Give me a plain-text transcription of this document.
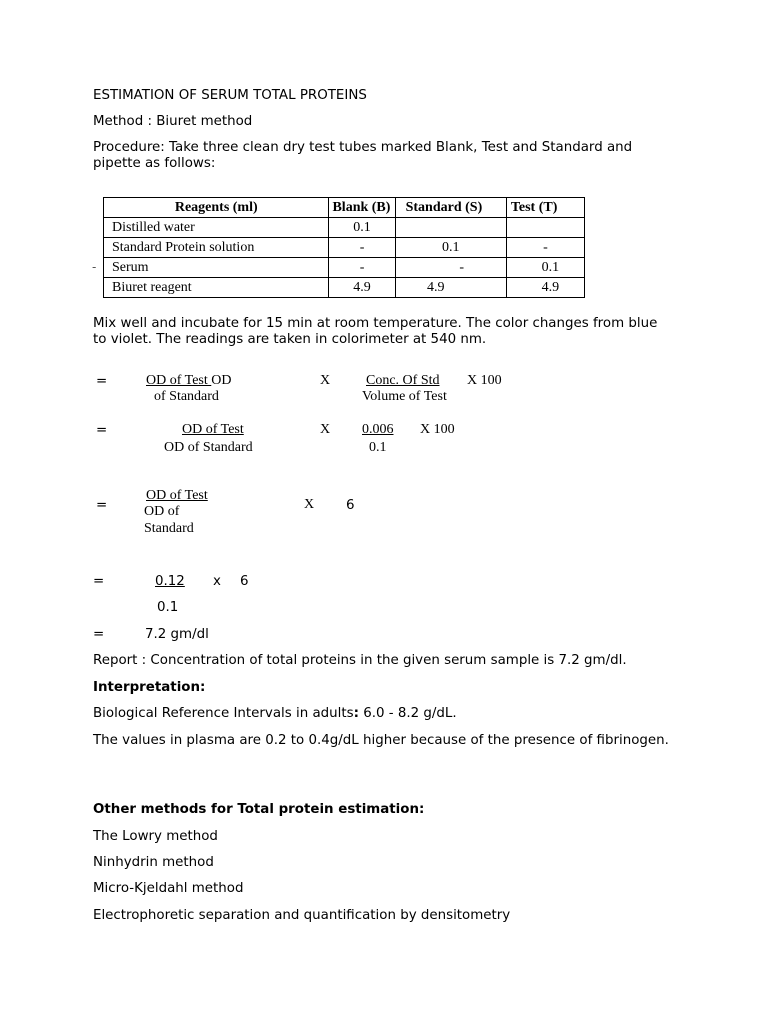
ESTIMATION OF SERUM TOTAL PROTEINS

Method : Biuret method

Procedure: Take three clean dry test tubes marked Blank, Test and Standard and pipette as follows:

-
Reagents (ml)	Blank (B)	Standard (S)	Test (T)
Distilled water	0.1		
Standard Protein solution	-	0.1	-
Serum	-	-	0.1
Biuret reagent	4.9	4.9	4.9

Mix well and incubate for 15 min at room temperature. The color changes from blue to violet. The readings are taken in colorimeter at 540 nm.

=	OD of Test OD
of Standard
X	Conc. Of Std
Volume of Test
X 100
=	OD of Test
OD of Standard
X 0.006
0.1
X 100
=
OD of Test
OD of
Standard
X 6
=	0.12 x 6
0.1
=	7.2 gm/dl

Report : Concentration of total proteins in the given serum sample is 7.2 gm/dl.

Interpretation:

Biological Reference Intervals in adults: 6.0 - 8.2 g/dL.

The values in plasma are 0.2 to 0.4g/dL higher because of the presence of fibrinogen.

Other methods for Total protein estimation:

The Lowry method

Ninhydrin method

Micro-Kjeldahl method

Electrophoretic separation and quantification by densitometry
